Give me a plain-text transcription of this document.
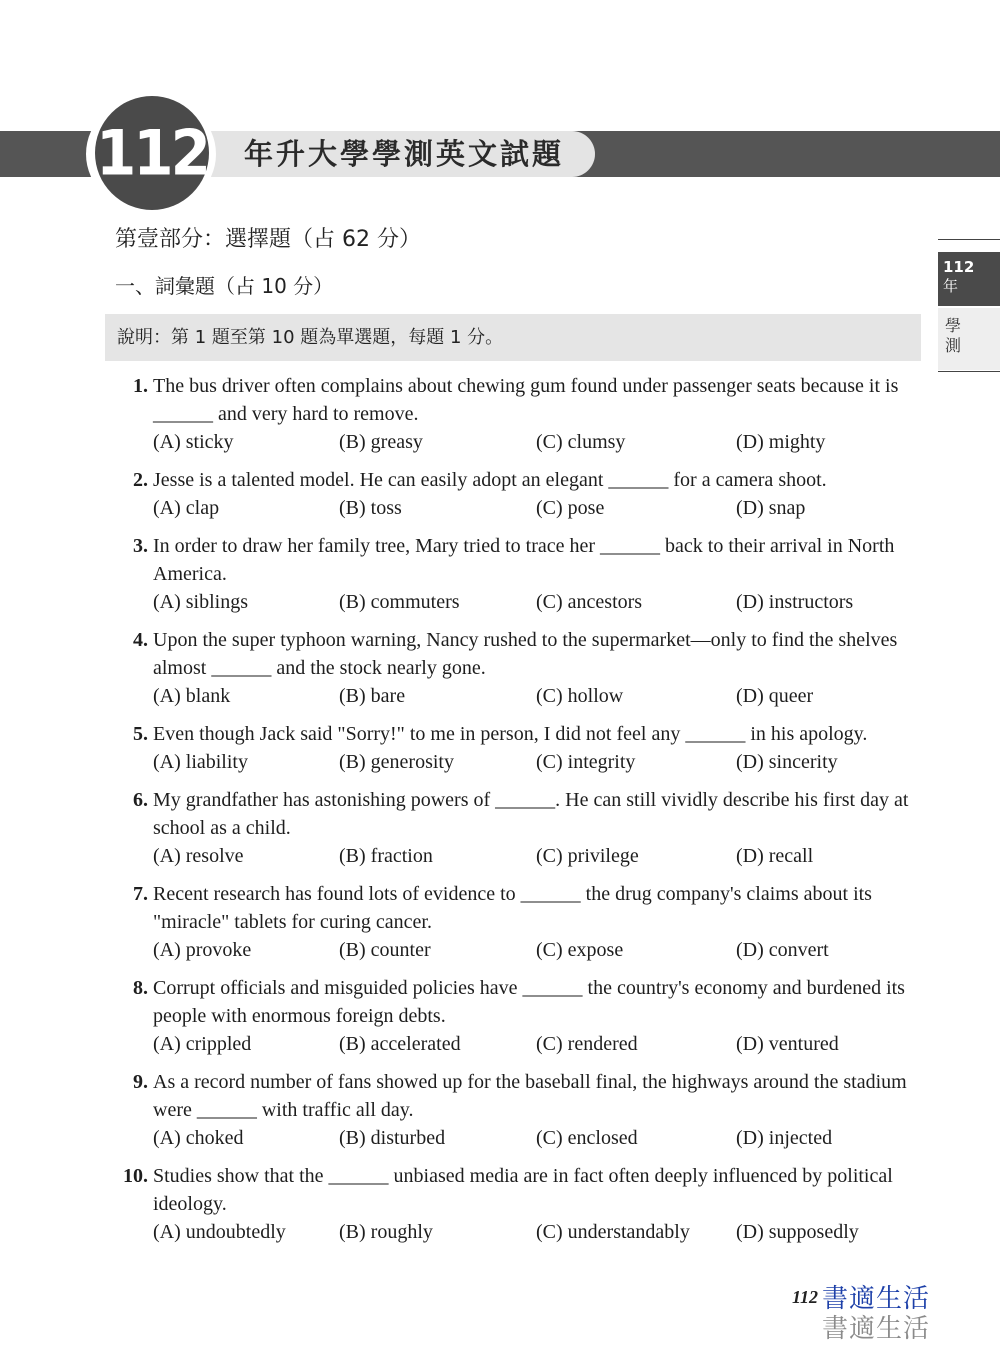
年升大學學測英文試題
112
112
年
學
測
第壹部分：選擇題（占 62 分）
一、詞彙題（占 10 分）
說明：第 1 題至第 10 題為單選題，每題 1 分。
1. The bus driver often complains about chewing gum found under passenger seats because it is ______ and very hard to remove.
(A) sticky	(B) greasy	(C) clumsy	(D) mighty
2. Jesse is a talented model. He can easily adopt an elegant ______ for a camera shoot.
(A) clap	(B) toss	(C) pose	(D) snap
3. In order to draw her family tree, Mary tried to trace her ______ back to their arrival in North America.
(A) siblings	(B) commuters	(C) ancestors	(D) instructors
4. Upon the super typhoon warning, Nancy rushed to the supermarket—only to find the shelves almost ______ and the stock nearly gone.
(A) blank	(B) bare	(C) hollow	(D) queer
5. Even though Jack said "Sorry!" to me in person, I did not feel any ______ in his apology.
(A) liability	(B) generosity	(C) integrity	(D) sincerity
6. My grandfather has astonishing powers of ______. He can still vividly describe his first day at school as a child.
(A) resolve	(B) fraction	(C) privilege	(D) recall
7. Recent research has found lots of evidence to ______ the drug company's claims about its "miracle" tablets for curing cancer.
(A) provoke	(B) counter	(C) expose	(D) convert
8. Corrupt officials and misguided policies have ______ the country's economy and burdened its people with enormous foreign debts.
(A) crippled	(B) accelerated	(C) rendered	(D) ventured
9. As a record number of fans showed up for the baseball final, the highways around the stadium were ______ with traffic all day.
(A) choked	(B) disturbed	(C) enclosed	(D) injected
10. Studies show that the ______ unbiased media are in fact often deeply influenced by political ideology.
(A) undoubtedly	(B) roughly	(C) understandably (D) supposedly
112 書適生活
書適生活
